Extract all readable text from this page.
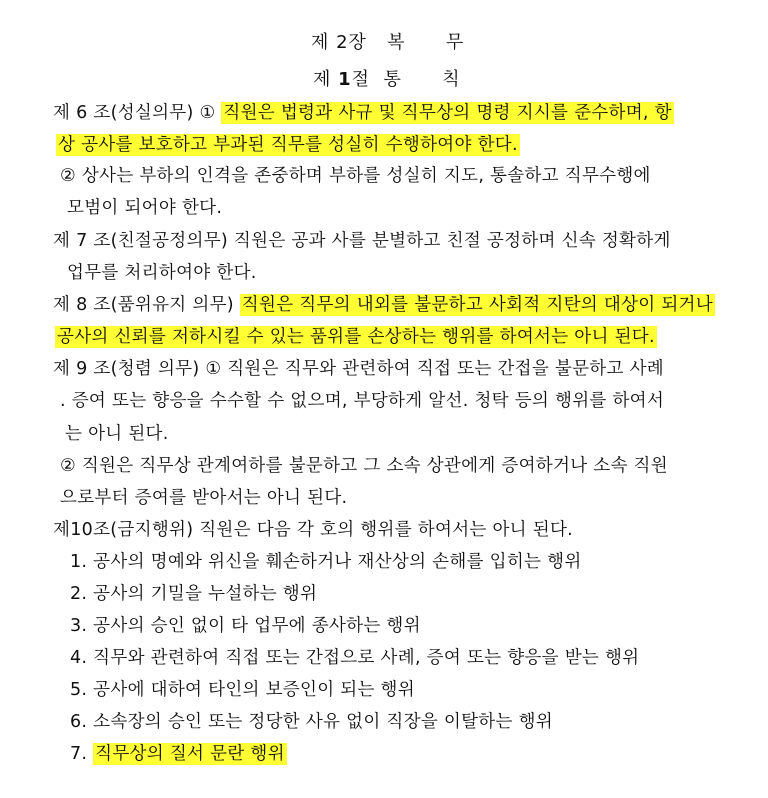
제 2장 복 무
제 1절 통 칙
제 6 조(성실의무) ① 직원은 법령과 사규 및 직무상의 명령 지시를 준수하며, 항
상 공사를 보호하고 부과된 직무를 성실히 수행하여야 한다.
② 상사는 부하의 인격을 존중하며 부하를 성실히 지도, 통솔하고 직무수행에
모범이 되어야 한다.
제 7 조(친절공정의무) 직원은 공과 사를 분별하고 친절 공정하며 신속 정확하게
업무를 처리하여야 한다.
제 8 조(품위유지 의무) 직원은 직무의 내외를 불문하고 사회적 지탄의 대상이 되거나
공사의 신뢰를 저하시킬 수 있는 품위를 손상하는 행위를 하여서는 아니 된다.
제 9 조(청렴 의무) ① 직원은 직무와 관련하여 직접 또는 간접을 불문하고 사례
. 증여 또는 향응을 수수할 수 없으며, 부당하게 알선. 청탁 등의 행위를 하여서
는 아니 된다.
② 직원은 직무상 관계여하를 불문하고 그 소속 상관에게 증여하거나 소속 직원
으로부터 증여를 받아서는 아니 된다.
제10조(금지행위) 직원은 다음 각 호의 행위를 하여서는 아니 된다.
1. 공사의 명예와 위신을 훼손하거나 재산상의 손해를 입히는 행위
2. 공사의 기밀을 누설하는 행위
3. 공사의 승인 없이 타 업무에 종사하는 행위
4. 직무와 관련하여 직접 또는 간접으로 사례, 증여 또는 향응을 받는 행위
5. 공사에 대하여 타인의 보증인이 되는 행위
6. 소속장의 승인 또는 정당한 사유 없이 직장을 이탈하는 행위
7. 직무상의 질서 문란 행위
